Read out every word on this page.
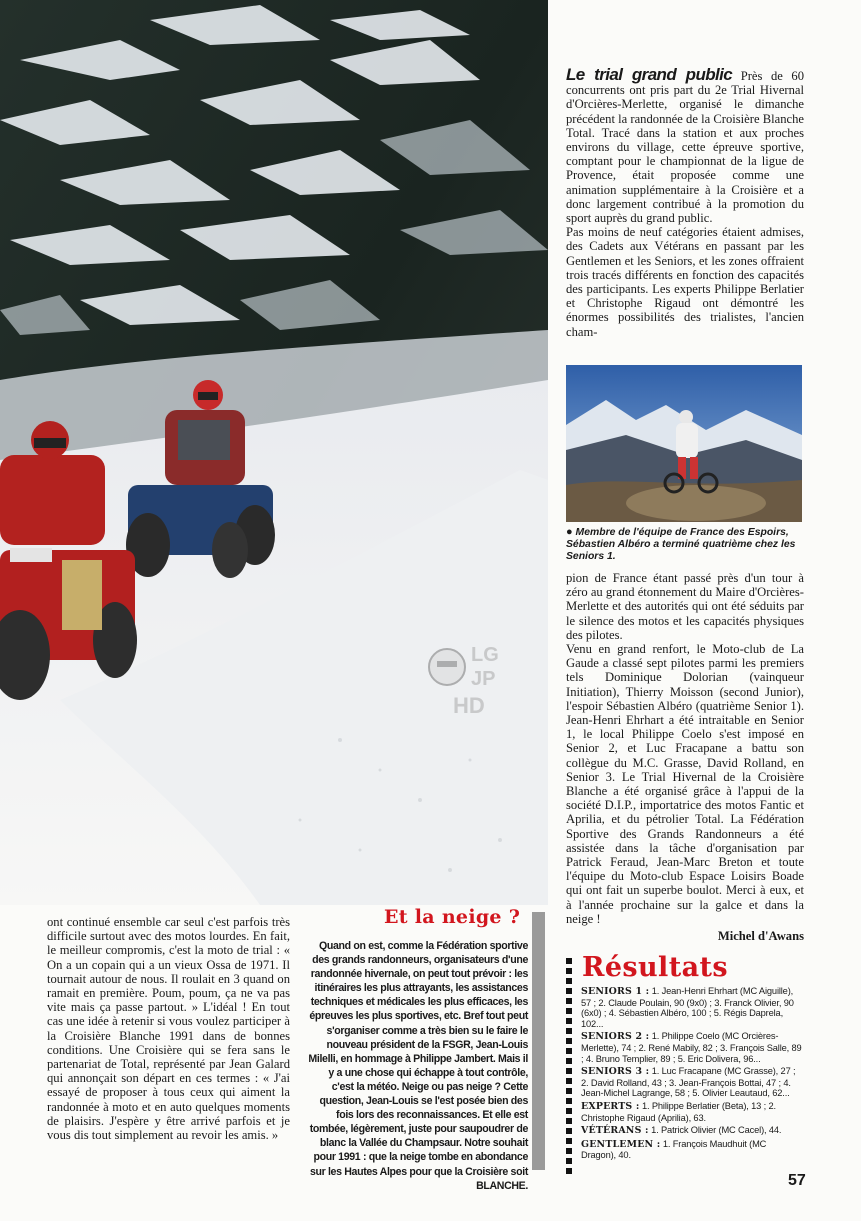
LG
JP
HD

Le trial grand public Près de 60 concurrents ont pris part du 2e Trial Hivernal d'Orcières-Merlette, organisé le dimanche précédent la randonnée de la Croisière Blanche Total. Tracé dans la station et aux proches environs du village, cette épreuve sportive, comptant pour le championnat de la ligue de Provence, était proposée comme une animation supplémentaire à la Croisière et a donc largement contribué à la promotion du sport auprès du grand public.

Pas moins de neuf catégories étaient admises, des Cadets aux Vétérans en passant par les Gentlemen et les Seniors, et les zones offraient trois tracés différents en fonction des capacités des participants. Les experts Philippe Berlatier et Christophe Rigaud ont démontré les énormes possibilités des trialistes, l'ancien cham-

● Membre de l'équipe de France des Espoirs, Sébastien Albéro a terminé quatrième chez les Seniors 1.

pion de France étant passé près d'un tour à zéro au grand étonnement du Maire d'Orcières-Merlette et des autorités qui ont été séduits par le silence des motos et les capacités physiques des pilotes.

Venu en grand renfort, le Moto-club de La Gaude a classé sept pilotes parmi les premiers tels Dominique Dolorian (vainqueur Initiation), Thierry Moisson (second Junior), l'espoir Sébastien Albéro (quatrième Senior 1). Jean-Henri Ehrhart a été intraitable en Senior 1, le local Philippe Coelo s'est imposé en Senior 2, et Luc Fracapane a battu son collègue du M.C. Grasse, David Rolland, en Senior 3. Le Trial Hivernal de la Croisière Blanche a été organisé grâce à l'appui de la société D.I.P., importatrice des motos Fantic et Aprilia, et du pétrolier Total. La Fédération Sportive des Grands Randonneurs a été assistée dans la tâche d'organisation par Patrick Feraud, Jean-Marc Breton et toute l'équipe du Moto-club Espace Loisirs Boade qui ont fait un superbe boulot. Merci à eux, et à l'année prochaine sur la galce et dans la neige !

Michel d'Awans

ont continué ensemble car seul c'est parfois très difficile surtout avec des motos lourdes. En fait, le meilleur compromis, c'est la moto de trial : « On a un copain qui a un vieux Ossa de 1971. Il tournait autour de nous. Il roulait en 3 quand on ramait en première. Poum, poum, ça ne va pas vite mais ça passe partout. » L'idéal ! En tout cas une idée à retenir si vous voulez participer à la Croisière Blanche 1991 dans de bonnes conditions. Une Croisière qui se fera sans le partenariat de Total, représenté par Jean Galard qui annonçait son départ en ces termes : « J'ai essayé de proposer à tous ceux qui aiment la randonnée à moto et en auto quelques moments de plaisirs. J'espère y être arrivé parfois et je vous dis tout simplement au revoir les amis. »

Et la neige ?
Quand on est, comme la Fédération sportive des grands randonneurs, organisateurs d'une randonnée hivernale, on peut tout prévoir : les itinéraires les plus attrayants, les assistances techniques et médicales les plus efficaces, les épreuves les plus sportives, etc. Bref tout peut s'organiser comme a très bien su le faire le nouveau président de la FSGR, Jean-Louis Milelli, en hommage à Philippe Jambert. Mais il y a une chose qui échappe à tout contrôle, c'est la météo. Neige ou pas neige ? Cette question, Jean-Louis se l'est posée bien des fois lors des reconnaissances. Et elle est tombée, légèrement, juste pour saupoudrer de blanc la Vallée du Champsaur. Notre souhait pour 1991 : que la neige tombe en abondance sur les Hautes Alpes pour que la Croisière soit BLANCHE.
Résultats
SENIORS 1 : 1. Jean-Henri Ehrhart (MC Aiguille), 57 ; 2. Claude Poulain, 90 (9x0) ; 3. Franck Olivier, 90 (6x0) ; 4. Sébastien Albéro, 100 ; 5. Régis Daprela, 102...
SENIORS 2 : 1. Philippe Coelo (MC Orcières-Merlette), 74 ; 2. René Mabily, 82 ; 3. François Salle, 89 ; 4. Bruno Templier, 89 ; 5. Eric Dolivera, 96...
SENIORS 3 : 1. Luc Fracapane (MC Grasse), 27 ; 2. David Rolland, 43 ; 3. Jean-François Bottai, 47 ; 4. Jean-Michel Lagrange, 58 ; 5. Olivier Leautaud, 62...
EXPERTS : 1. Philippe Berlatier (Beta), 13 ; 2. Christophe Rigaud (Aprilia), 63.
VÉTÉRANS : 1. Patrick Olivier (MC Cacel), 44.
GENTLEMEN : 1. François Maudhuit (MC Dragon), 40.
57
